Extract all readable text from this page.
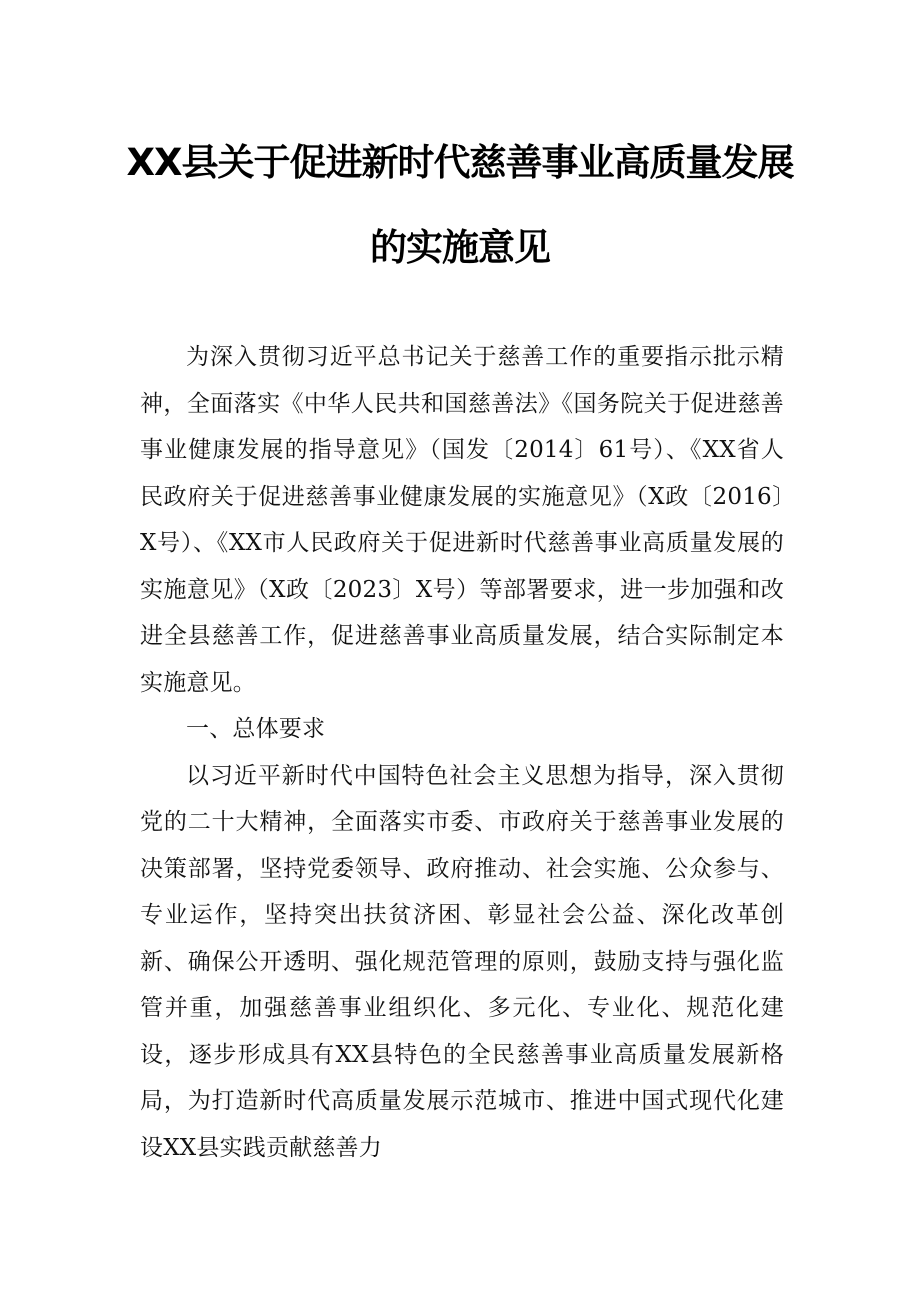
XX县关于促进新时代慈善事业高质量发展
的实施意见

为深入贯彻习近平总书记关于慈善工作的重要指示批示精神，全面落实《中华人民共和国慈善法》《国务院关于促进慈善事业健康发展的指导意见》（国发〔2014〕61号）、《XX省人民政府关于促进慈善事业健康发展的实施意见》（X政〔2016〕X号）、《XX市人民政府关于促进新时代慈善事业高质量发展的实施意见》（X政〔2023〕X号）等部署要求，进一步加强和改进全县慈善工作，促进慈善事业高质量发展，结合实际制定本实施意见。

一、总体要求

以习近平新时代中国特色社会主义思想为指导，深入贯彻党的二十大精神，全面落实市委、市政府关于慈善事业发展的决策部署，坚持党委领导、政府推动、社会实施、公众参与、专业运作，坚持突出扶贫济困、彰显社会公益、深化改革创新、确保公开透明、强化规范管理的原则，鼓励支持与强化监管并重，加强慈善事业组织化、多元化、专业化、规范化建设，逐步形成具有XX县特色的全民慈善事业高质量发展新格局，为打造新时代高质量发展示范城市、推进中国式现代化建设XX县实践贡献慈善力
